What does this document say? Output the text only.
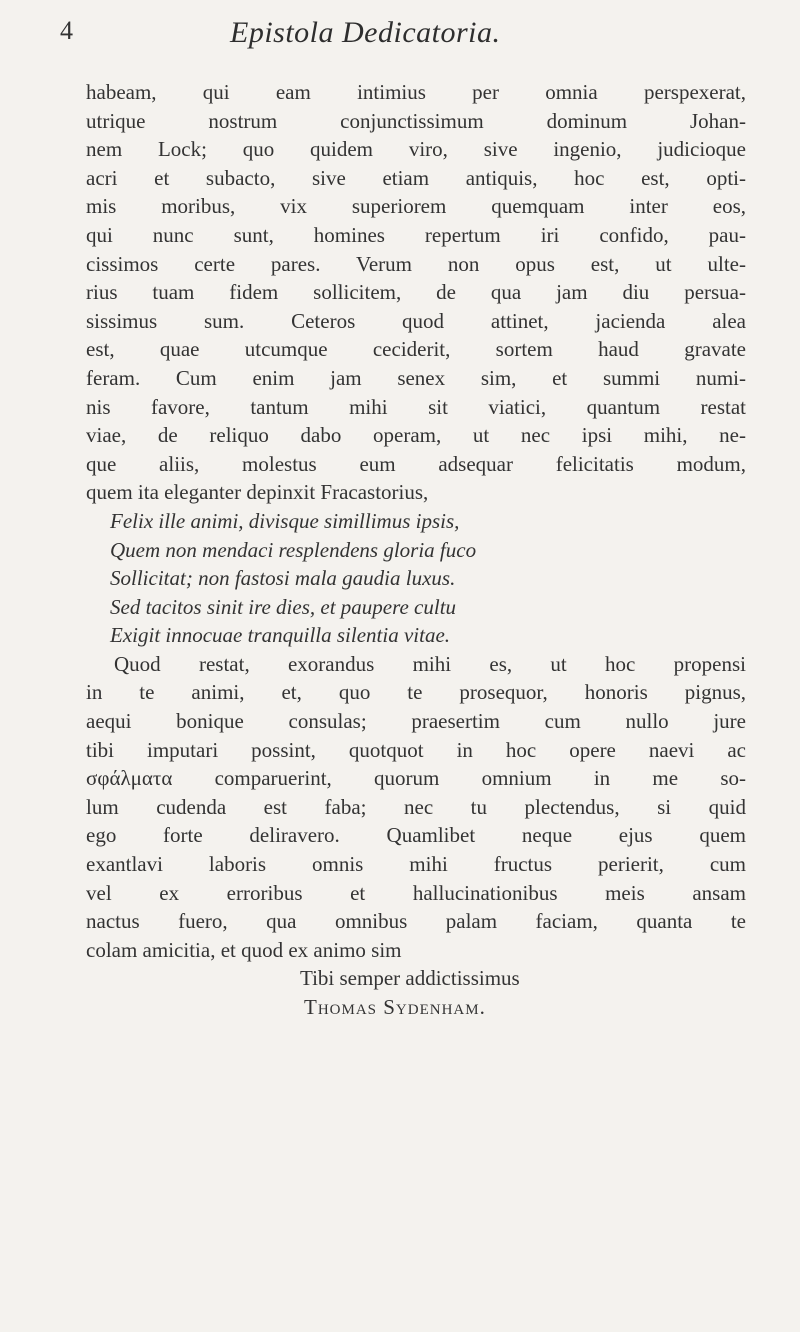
4	Epistola Dedicatoria.
habeam, qui eam intimius per omnia perspexerat,
utrique nostrum conjunctissimum dominum Johan-
nem Lock; quo quidem viro, sive ingenio, judicioque
acri et subacto, sive etiam antiquis, hoc est, opti-
mis moribus, vix superiorem quemquam inter eos,
qui nunc sunt, homines repertum iri confido, pau-
cissimos certe pares. Verum non opus est, ut ulte-
rius tuam fidem sollicitem, de qua jam diu persua-
sissimus sum. Ceteros quod attinet, jacienda alea
est, quae utcumque ceciderit, sortem haud gravate
feram. Cum enim jam senex sim, et summi numi-
nis favore, tantum mihi sit viatici, quantum restat
viae, de reliquo dabo operam, ut nec ipsi mihi, ne-
que aliis, molestus eum adsequar felicitatis modum,
quem ita eleganter depinxit Fracastorius,
Felix ille animi, divisque simillimus ipsis,
Quem non mendaci resplendens gloria fuco
Sollicitat; non fastosi mala gaudia luxus.
Sed tacitos sinit ire dies, et paupere cultu
Exigit innocuae tranquilla silentia vitae.
Quod restat, exorandus mihi es, ut hoc propensi
in te animi, et, quo te prosequor, honoris pignus,
aequi bonique consulas; praesertim cum nullo jure
tibi imputari possint, quotquot in hoc opere naevi ac
σφάλματα comparuerint, quorum omnium in me so-
lum cudenda est faba; nec tu plectendus, si quid
ego forte deliravero. Quamlibet neque ejus quem
exantlavi laboris omnis mihi fructus perierit, cum
vel ex erroribus et hallucinationibus meis ansam
nactus fuero, qua omnibus palam faciam, quanta te
colam amicitia, et quod ex animo sim
Tibi semper addictissimus
Thomas Sydenham.
